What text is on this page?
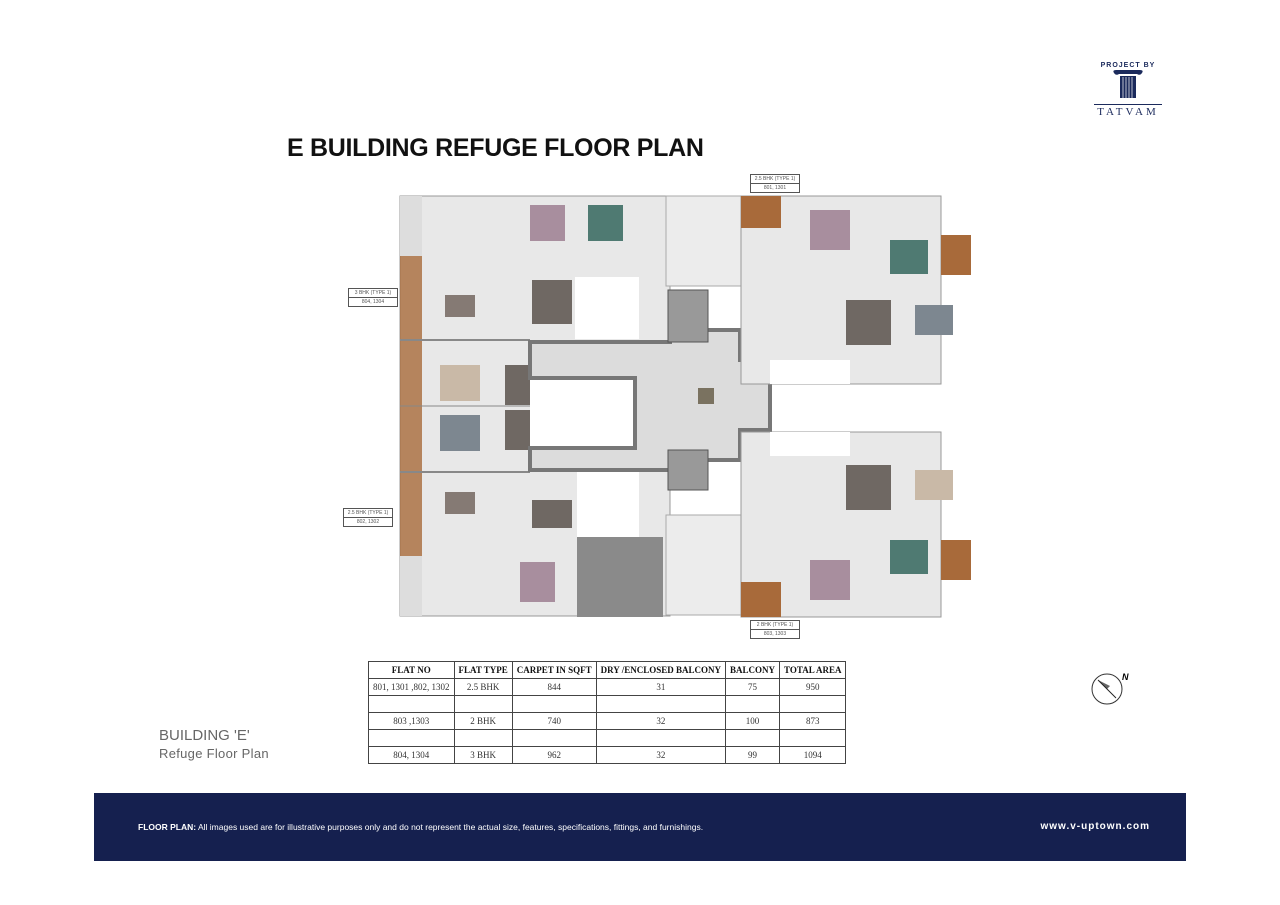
PROJECT BY
TATVAM
E BUILDING REFUGE FLOOR PLAN
2.5 BHK (TYPE 1)
801, 1301
3 BHK (TYPE 1)
804, 1304
2.5 BHK (TYPE 1)
802, 1302
2 BHK (TYPE 1)
803, 1303
FLAT NO	FLAT TYPE	CARPET IN SQFT	DRY /ENCLOSED BALCONY	BALCONY	TOTAL AREA
801, 1301 ,802, 1302	2.5 BHK	844	31	75	950

803 ,1303	2 BHK	740	32	100	873

804, 1304	3 BHK	962	32	99	1094
BUILDING 'E'
Refuge Floor Plan
N
FLOOR PLAN: All images used are for illustrative purposes only and do not represent the actual size, features, specifications, fittings, and furnishings.	www.v-uptown.com
